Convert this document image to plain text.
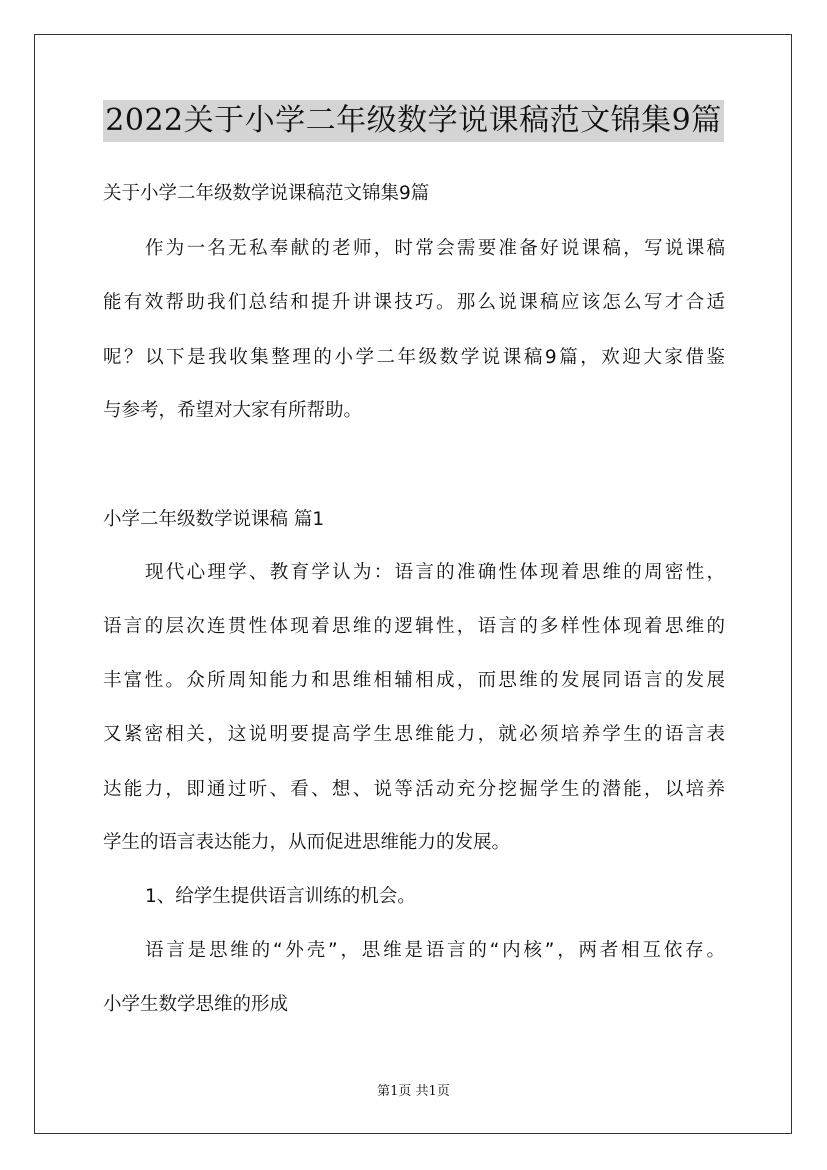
2022关于小学二年级数学说课稿范文锦集9篇
关于小学二年级数学说课稿范文锦集9篇
作为一名无私奉献的老师，时常会需要准备好说课稿，写说课稿
能有效帮助我们总结和提升讲课技巧。那么说课稿应该怎么写才合适
呢？以下是我收集整理的小学二年级数学说课稿9篇，欢迎大家借鉴
与参考，希望对大家有所帮助。
小学二年级数学说课稿 篇1
现代心理学、教育学认为：语言的准确性体现着思维的周密性，
语言的层次连贯性体现着思维的逻辑性，语言的多样性体现着思维的
丰富性。众所周知能力和思维相辅相成，而思维的发展同语言的发展
又紧密相关，这说明要提高学生思维能力，就必须培养学生的语言表
达能力，即通过听、看、想、说等活动充分挖掘学生的潜能，以培养
学生的语言表达能力，从而促进思维能力的发展。
1、给学生提供语言训练的机会。
语言是思维的“外壳”，思维是语言的“内核”，两者相互依存。
小学生数学思维的形成
第1页 共1页
